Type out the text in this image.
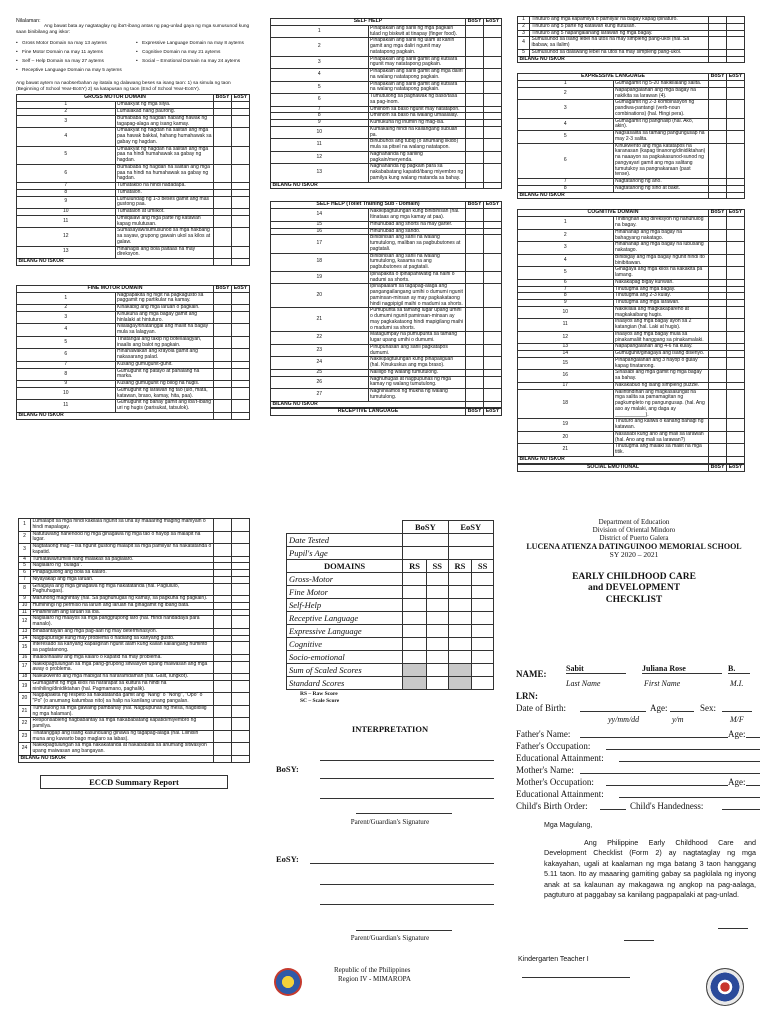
Nilalaman:
Ang bawat bata ay nagtataglay ng iba't-ibang antas ng pag-unlad gaya ng mga sumusunod kung saan binibilang ang iskor:
• Gross Motor Domain na may 13 aytems
• Fine Motor Domain na may 11 aytems
• Self – Help Domain na may 27 aytems
• Receptive Language Domain na may 5 aytems
• Expressive Language Domain na may 8 aytems
• Cognitive Domain na may 21 aytems
• Social – Emotional Domain na may 24 aytems
Ang bawat aytem na naobserbahan ay itatala ng dalawang beses sa isang taon: 1) sa simula ng taon (Beginning of School Year-BoSY) 2) sa katapusan ng taon (End of School Year-EoSY).
GROSS MOTOR DOMAIN		BoSY	EoSY
1	Umaakyat ng mga silya.		
2	Lumalakad nang paurong.		
3	Bumababa ng hagdan habang hawak ng tagapag-alaga ang isang kamay.		
4	Umaakyat ng hagdan na salitan ang mga paa hawak bakkal, hahang humahawak sa gabay ng hagdan.		
5	Umaakyat ng hagdan na salitan ang mga paa na hindi humahawak sa gabay ng hagdan.		
6	Bumababa ng hagdan na salitan ang mga paa na hindi na humahawak sa gabay ng hagdan.		
7	Tumatakbo na hindi nadadapa.		
8	Tumatalon.		
9	Lumulundag ng 1-3 beses gamit ang mas gustong paa.		
10	Tumatalon at umiikot.		
11	Umiiqalaw ang mga parte ng katawan kapag mulutusan.		
12	Sumasayaw/sumusunod sa mga hakbang sa sayaw, grupong gawain ukol sa kilos at galaw.		
13	Hinahagis ang bola paitaas na may direksyon.		
BILANG NO ISKOR			
FINE MOTOR DOMAIN		BoSY	EoSY
1	Nagpapakita ng higit na pagkagusto sa paggamit ng partikular na kamay.		
2	Kinakabig ang mga laruan o pagkain.		
3	Kinukuha ang mga bagay gamit ang hinlalaki at hintuturo.		
4	Nilalagay/tinatanggal ang maliit na bagay mula sa lalagyan.		
5	Tinatangal ang takip ng bote/lalagyan, inaalis ang balot ng pagkain.		
6	Hinahawakan ang krayola gamit ang nakasarang palad.		
7	Kusang gumuguhit-guhit.		
8	Gumuguhit ng patayo at pahalang na marka.		
9	Kusang gumuguhit ng bilog na hugis.		
10	Gumuguhit ng larawan ng tao (ulo, mata, katawan, braso, kamay, hita, paa).		
11	Gumuguhit ng bahay gamit ang iba't-ibang uri ng hugis (parisukat, tatsulok).		
BILANG NO ISKOR			
SELF HELP		BoSY	EoSY
1	Pinapakain ang sarili ng mga pagkain tulad ng biskwit at tinapay (finger food).		
2	Pinapakain ang sarili ng ulam at kanin gamit ang mga daliri ngunit may natatapong pagkain.		
3	Pinapakain ang sarili gamit ang kutsara ngunit may natatapong pagkain.		
4	Pinapakain ang sarili gamit ang mga daliri na walang natatapong pagkain.		
5	Pinapakain ang sarili gamit ang kutsara na walang natatapong pagkain.		
6	Tumutulong sa paghawak ng baso/tasa sa pag-inom.		
7	Umiinom sa baso ngunit may natatapon.		
8	Umiinom sa baso na walang umaalalay.		
9	Kumukuha ng inumin ng mag-isa.		
10	Kumakaing hindi na kailangang subuan pa.		
11	Binubuhos ang tubig (o anumang likido) mula sa pitsel na walang natatapon.		
12	Naghahanda ng sariling pagkain/meryenda.		
13	Naghahanda ng pagkain para sa nakababatang kapatid/ibang miyembro ng pamilya kung walang matanda sa bahay.		
BILANG NO ISKOR			
SELF HELP (Toilet Training Sub - Domain)		BoSY	EoSY
14	Nakikipagtulungan kung binibihisan (hal. Itinataas ang mga kamay at paa).		
15	Hinuhubad ang shorts na may garter.		
16	Hinuhubad ang sando.		
17	Binibihisan ang sarili na walang tumutulong, maliban sa pagbubutones at pagtatali.		
18	Binibihisan ang sarili na walang tumutulong, kasama na ang pagbubutones at pagtatali.		
19	Ipinapakita o ipinapahiwatig na naihi o nadumi sa shorts.		
20	Ipinapaalam sa tagapag-alaga ang pangangailangang umihi o dumumi ngunit paminsan-minsan ay may pagkakataong hindi nagpipigil maihi o madumi sa shorts.		
21	Pumupunta sa tamang lugar upang umihi o dumumi ngunit paminsan-minsan ay may pagkakataong hindi mapigilang maihi o madumi sa shorts.		
22	Matagumpay na pumupunta sa tamang lugar upang umihi o dumumi.		
23	Pinupunasan ang sarili pagkatapos dumumi.		
24	Nakikipagtulungan kung pinapaliguan (hal. Kinukuskus ang mga braso).		
25	Naliligo ng walang tumutulong.		
26	Naghuhugas at nagpupunas ng mga kamay ng walang tumutulong.		
27	Naghihilamos ng mukha ng walang tumutulong.		
BILANG NO ISKOR			
RECEPTIVE LANGUAGE	BoSY	EoSY
1	Tinuturo ang mga kapamilya o pamilyar na bagay kapag ipinaturo.		
2	Tinuturo ang 5 parte ng katawan kung itutusan.		
3	Tinuturo ang 5 napangalanang larawan ng mga bagay.		
4	Sumusunod sa isang lebel na utos na may simpleng pang-ukol (hal. Sa ibabaw, sa ilalim)		
5	Sumusunod sa dalawang lebel na utos na may simpleng pang-ukol.		
BILANG NO ISKOR			
EXPRESSIVE LANGUAGE		BoSY	EoSY
1	Gumagamit ng 5-20 nakikilalang salita.		
2	Napapangalanan ang mga bagay na nakikita sa larawan (4).		
3	Gumagamit ng 2-3 kombinasyon ng pandiwa-pantangi (verb-noun combinations) (hal. Hingi pera).		
4	Gumagamit ng panghalip (hal. Ako, akin).		
5	Nagsasalita sa tamang pangungusap na may 2-3 salita.		
6	Kinukwento ang mga katatapos na karanasan (kapag tinanong/dinidiktahan) na naaayon sa pagkakasunod-sunod ng pangyayari gamit ang mga salitang tumutukoy sa pangnakaraan (past tense).		
7	Nagtatanong ng ano.		
8	Nagtatanong ng sino at bakit.		
BILANG NO ISKOR			
COGNITIVE DOMAIN		BoSY	EoSY
1	Tinitingnan ang direksyon ng nahuhulog na bagay.		
2	Hinahanap ang mga bagay na bahagyang nakatago.		
3	Hinahanap ang mga bagay na lubusang nakatago.		
4	Binibigay ang mga bagay ngunit hindi ito binibitawan.		
5	Ginagaya ang mga kilos na kakakita pa lamang.		
6	Nakakapag bigay kunwari.		
7	Tinutugma ang mga bagay.		
8	Tinutugma ang 2-3 kulay.		
9	Tinutugma ang mga larawan.		
10	Nakikilala ang magkakapareho at magkakaibang hugis.		
11	Inaayos ang mga bagay ayon sa 2 katangian (hal. Laki at hugis).		
12	Inaayos ang mga bagay mula sa pinakamaliit hanggang sa pinakamalaki.		
13	Napapangalanan ang 4-6 na kulay.		
14	Gumuguhit/ginagaya ang isang disenyo.		
15	Pinapangalanan ang 3 hayop o gulay kapag tinatanong.		
16	Sinasabi ang mga gamit ng mga bagay sa bahay.		
17	Nakakabuo ng isang simpleng puzzle.		
18	Naiintindihan ang magkasalungat na mga salita sa pamamagitan ng pagkumpleto ng pangungusap. (hal. Ang aso ay malaki, ang daga ay ___________).		
19	Tinuturo ang kaliwa o kanang bahagi ng katawan.		
20	Nasasabi kung ano ang mali sa larawan (hal. Ano ang mali sa larawan?)		
21	Tinutugma ang malaki sa maliit na mga titik.		
BILANG NO ISKOR			
SOCIAL EMOTIONAL	BoSY	EoSY
1	Lumalapit sa mga hindi kakilala ngunit sa una ay maaaring maging mahiyain o hindi mapalagay.		
2	Natutuwang nanenood ng mga ginagawa ng mga tao o hayop sa malapit na lugar.		
3	Nagtataong mag – isa ngunit gustong malapit sa mga pamilyar na nakatatanda o kapatid.		
4	Tumatawa/tumilili nang malakas sa paglalaro.		
5	Naglalaro ng "bulaga".		
6	Pinapagulong ang bola sa kalaro.		
7	Niyayakap ang mga laruan.		
8	Ginagaya ang mga ginagawa ng mga nakatatanda (hal. Paglululo, Paghuhugas).		
9	Marunong maghintay (hal. Sa paghuhugas ng kamay, sa pagkuha ng pagkain).		
10	Humihingi ng permiso na laruin ang laruan na ginagamit ng ibang bata.		
11	Pinahihiram ang laruan sa iba.		
12	Naglalaro ng maayos sa mga panggrupong laro (hal. Hindi nandadaya para manalo).		
13	Binabantayan ang mga pag-aari ng may determinasyon.		
14	Nagpupursige kung may problema o hadlang sa kanyang gusto.		
15	Interesado sa kanyang kapaligiran ngunit alam kung kailan kailangang huminto sa pagtatanong.		
16	Inaalo/inaaliw ang mga kalaro o kapatid na may problema.		
17	Nakikipagtulungan sa mga pang-grupong sitwasyon upang maiwasan ang mga away o problema.		
18	Naikukwento ang mga mabigat na nararamdaman (hal. Galit, lungkot).		
19	Gumagamit ng mga kilos na nararapat sa kultura na hindi na ninihiling/dinidiktahan (hal. Pagmamano, paghalik).		
20	Nagpapakita ng respeto sa nakatatanda gamit ang "Nang" o "Nong", "Opo" o "Po" (o anumang katumbas nito) sa halip na kanilang unang pangalan.		
21	Tumutulong sa mga gawaing pambahay (hal. Nagpupunas ng mesa, nagdidilig ng mga halaman).		
22	Responsableng nagbabantay sa mga nakababatang kapatid/miyembro ng pamilya.		
23	Tinatanggap ang isang kasunduang ginawa ng tagapag-alaga (hal. Lilinisin muna ang kuwarto bago maglaro sa labas).		
24	Nakikipagtulungan sa mga nakakatanda at nakababata sa anumang sitwasyon upang maiwasan ang bangayan.		
BILANG NO ISKOR			
ECCD Summary Report
	BoSY		EoSY	
Date Tested				
Pupil's Age				
DOMAINS	RS	SS	RS	SS
Gross-Motor				
Fine Motor				
Self-Help				
Receptive Language				
Expressive Language				
Cognitive				
Socio-emotional				
Sum of Scaled Scores				
Standard Scores				
RS – Raw Score
SC – Scale Score
INTERPRETATION
BoSY:
Parent/Guardian's Signature
EoSY:
Parent/Guardian's Signature
Republic of the Philippines
Region IV - MIMAROPA
Department of Education
Division of Oriental Mindoro
District of Puerto Galera
LUCENA ATIENZA DATINGUINOO MEMORIAL SCHOOL
SY 2020 – 2021
EARLY CHILDHOOD CARE
and DEVELOPMENT
CHECKLIST
NAME:
Sabit	Juliana Rose	B.
Last Name	First Name	M.I.
LRN:
Date of Birth:	Age:	Sex:
yy/mm/dd	y/m	M/F
Father's Name:	Age:
Father's Occupation:
Educational Attainment:
Mother's Name:
Mother's Occupation:	Age:
Educational Attainment:
Child's Birth Order:	Child's Handedness:
Mga Magulang,
Ang Philippine Early Childhood Care and Development Checklist (Form 2) ay nagtataglay ng mga kakayahan, ugali at kaalaman ng mga batang 3 taon hanggang 5.11 taon. Ito ay maaaring gamiting gabay sa pagkilala ng inyong anak at sa kalaunan ay makagawa ng angkop na pag-aalaga, pagtuturo at paggabay sa kanilang pagpapalaki at pag-unlad.
Kindergarten Teacher I
